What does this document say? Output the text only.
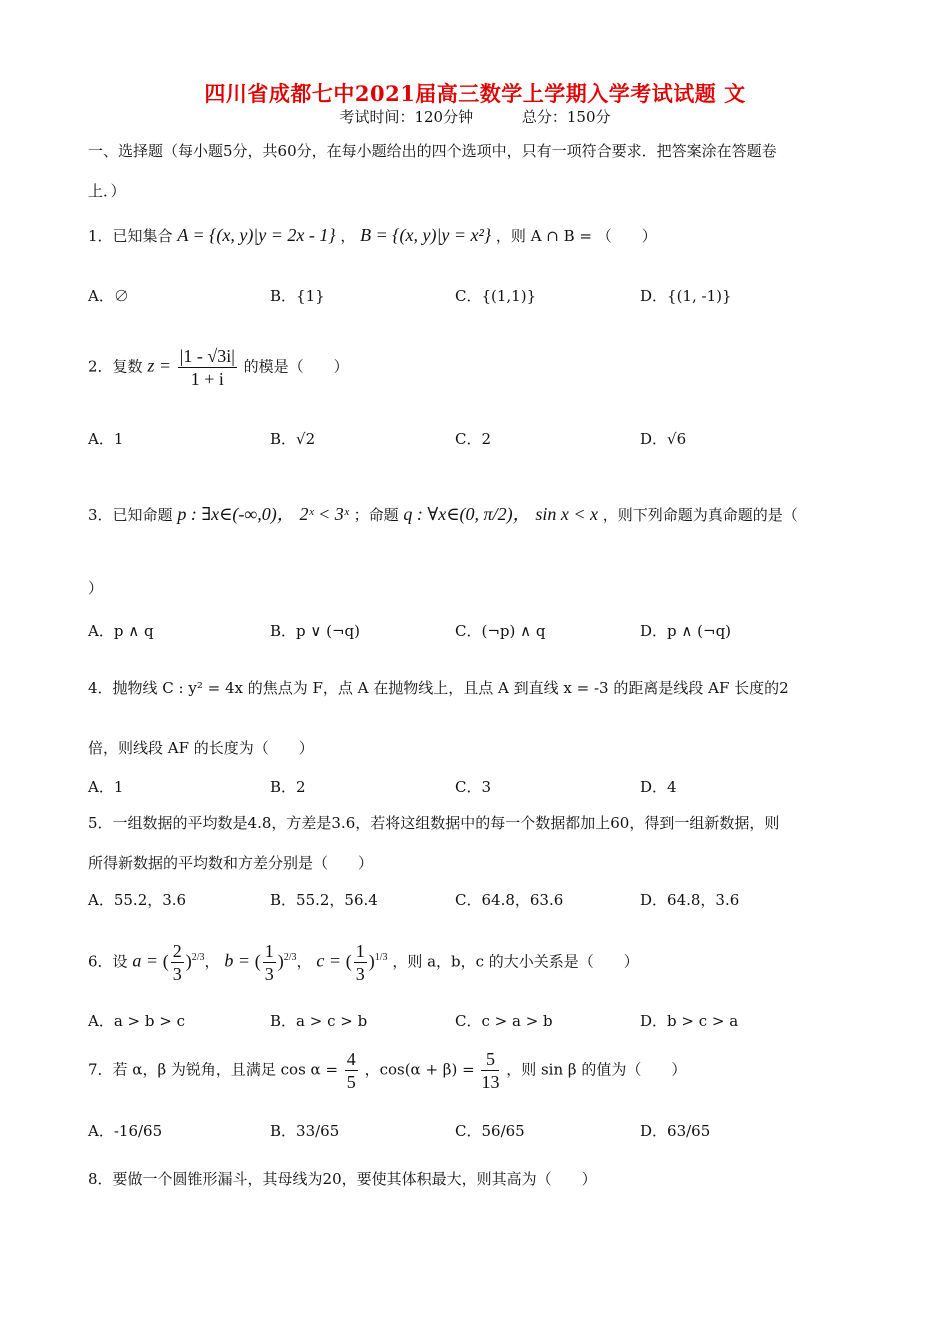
四川省成都七中2021届高三数学上学期入学考试试题 文
考试时间：120分钟	总分：150分
一、选择题（每小题5分，共60分，在每小题给出的四个选项中，只有一项符合要求．把答案涂在答题卷
上．）
1．已知集合 A = {(x, y)|y = 2x - 1} ， B = {(x, y)|y = x²} ，则 A ∩ B = （　　）
A．∅	B．{1}	C．{(1,1)}	D．{(1, -1)}
2．复数 $z = \frac{|1 - √3i|}{1 + i}$ 的模是（　　）
A．1	B．√2	C．2	D．√6
3．已知命题 p : ∃x∈(-∞,0)， 2ˣ < 3ˣ ；命题 q : ∀x∈(0, π/2)， sin x < x ，则下列命题为真命题的是（
）
A．p ∧ q	B．p ∨ (¬q)	C．(¬p) ∧ q	D．p ∧ (¬q)
4．抛物线 C : y² = 4x 的焦点为 F，点 A 在抛物线上，且点 A 到直线 x = -3 的距离是线段 AF 长度的2
倍，则线段 AF 的长度为（　　）
A．1	B．2	C．3	D．4
5．一组数据的平均数是4.8，方差是3.6，若将这组数据中的每一个数据都加上60，得到一组新数据，则
所得新数据的平均数和方差分别是（　　）
A．55.2，3.6	B．55.2，56.4	C．64.8，63.6	D．64.8，3.6
6．设 a = ( $\frac{2}{3} )^{2/3}$， b = ( $\frac{1}{3} )^{2/3}$， c = ( $\frac{1}{3} )^{1/3}$ ，则 a，b，c 的大小关系是（　　）
A．a > b > c	B．a > c > b	C．c > a > b	D．b > c > a
7．若 α，β 为锐角，且满足 $\cos \alpha = \frac{4}{5}$ ，$\cos(\alpha + \beta) = \frac{5}{13}$ ，则 sin β 的值为（　　）
A．-16/65	B．33/65	C．56/65	D．63/65
8．要做一个圆锥形漏斗，其母线为20，要使其体积最大，则其高为（　　）
